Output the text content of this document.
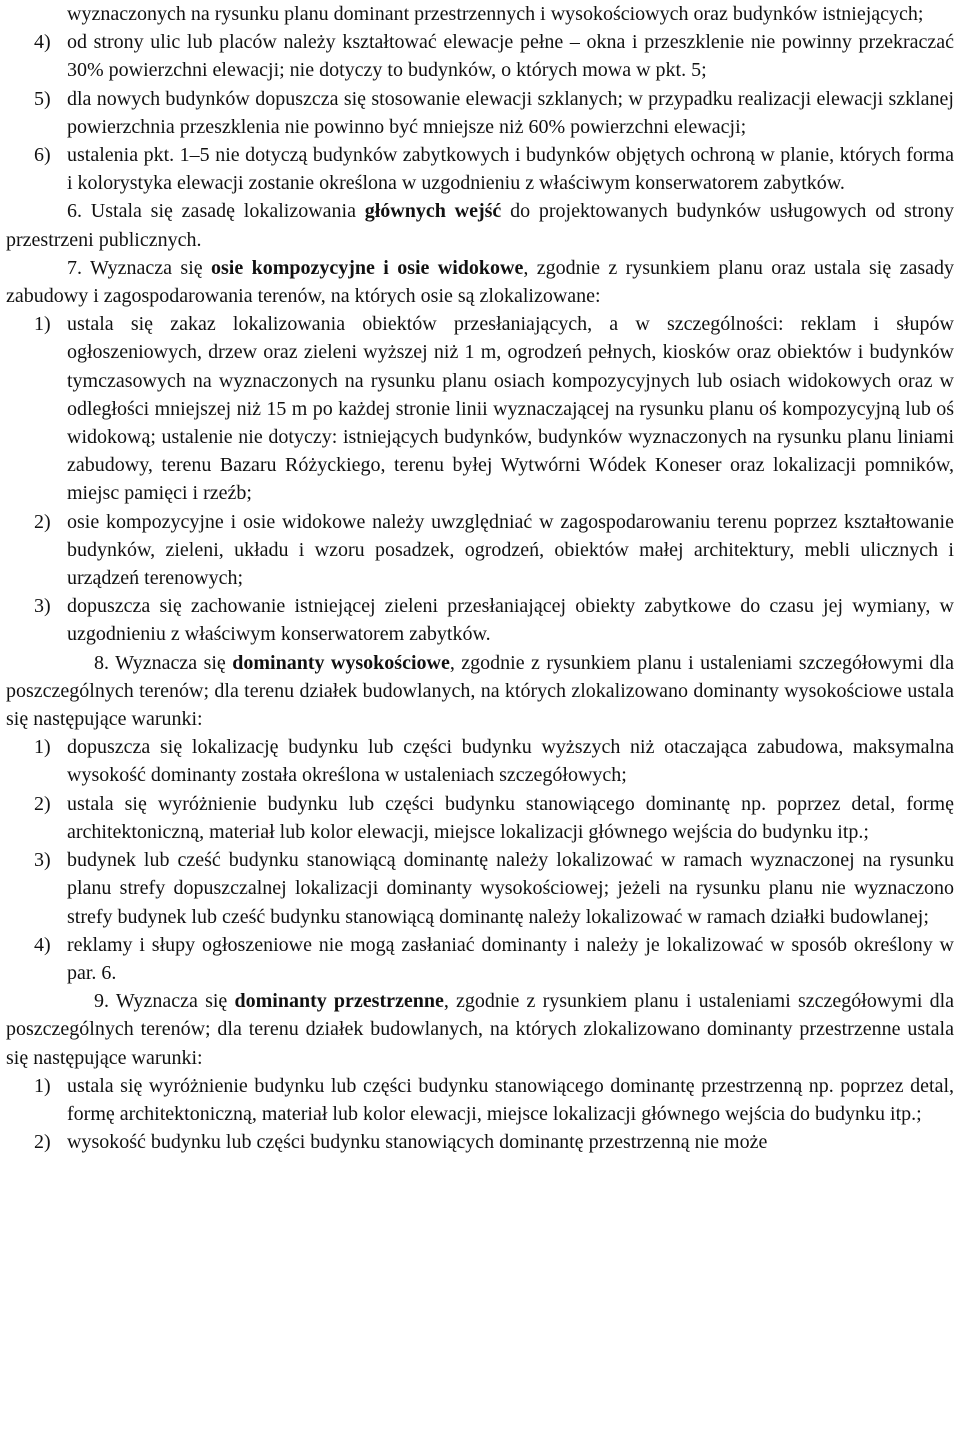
wyznaczonych na rysunku planu dominant przestrzennych i wysokościowych oraz budynków istniejących;

4) od strony ulic lub placów należy kształtować elewacje pełne – okna i przeszklenie nie powinny przekraczać 30% powierzchni elewacji; nie dotyczy to budynków, o których mowa w pkt. 5;
5) dla nowych budynków dopuszcza się stosowanie elewacji szklanych; w przypadku realizacji elewacji szklanej powierzchnia przeszklenia nie powinno być mniejsze niż 60% powierzchni elewacji;
6) ustalenia pkt. 1–5 nie dotyczą budynków zabytkowych i budynków objętych ochroną w planie, których forma i kolorystyka elewacji zostanie określona w uzgodnieniu z właściwym konserwatorem zabytków.

6. Ustala się zasadę lokalizowania głównych wejść do projektowanych budynków usługowych od strony przestrzeni publicznych.

7. Wyznacza się osie kompozycyjne i osie widokowe, zgodnie z rysunkiem planu oraz ustala się zasady zabudowy i zagospodarowania terenów, na których osie są zlokalizowane:

1) ustala się zakaz lokalizowania obiektów przesłaniających, a w szczególności: reklam i słupów ogłoszeniowych, drzew oraz zieleni wyższej niż 1 m, ogrodzeń pełnych, kiosków oraz obiektów i budynków tymczasowych na wyznaczonych na rysunku planu osiach kompozycyjnych lub osiach widokowych oraz w odległości mniejszej niż 15 m po każdej stronie linii wyznaczającej na rysunku planu oś kompozycyjną lub oś widokową; ustalenie nie dotyczy: istniejących budynków, budynków wyznaczonych na rysunku planu liniami zabudowy, terenu Bazaru Różyckiego, terenu byłej Wytwórni Wódek Koneser oraz lokalizacji pomników, miejsc pamięci i rzeźb;
2) osie kompozycyjne i osie widokowe należy uwzględniać w zagospodarowaniu terenu poprzez kształtowanie budynków, zieleni, układu i wzoru posadzek, ogrodzeń, obiektów małej architektury, mebli ulicznych i urządzeń terenowych;
3) dopuszcza się zachowanie istniejącej zieleni przesłaniającej obiekty zabytkowe do czasu jej wymiany, w uzgodnieniu z właściwym konserwatorem zabytków.

8. Wyznacza się dominanty wysokościowe, zgodnie z rysunkiem planu i ustaleniami szczegółowymi dla poszczególnych terenów; dla terenu działek budowlanych, na których zlokalizowano dominanty wysokościowe ustala się następujące warunki:

1) dopuszcza się lokalizację budynku lub części budynku wyższych niż otaczająca zabudowa, maksymalna wysokość dominanty została określona w ustaleniach szczegółowych;
2) ustala się wyróżnienie budynku lub części budynku stanowiącego dominantę np. poprzez detal, formę architektoniczną, materiał lub kolor elewacji, miejsce lokalizacji głównego wejścia do budynku itp.;
3) budynek lub cześć budynku stanowiącą dominantę należy lokalizować w ramach wyznaczonej na rysunku planu strefy dopuszczalnej lokalizacji dominanty wysokościowej; jeżeli na rysunku planu nie wyznaczono strefy budynek lub cześć budynku stanowiącą dominantę należy lokalizować w ramach działki budowlanej;
4) reklamy i słupy ogłoszeniowe nie mogą zasłaniać dominanty i należy je lokalizować w sposób określony w par. 6.

9. Wyznacza się dominanty przestrzenne, zgodnie z rysunkiem planu i ustaleniami szczegółowymi dla poszczególnych terenów; dla terenu działek budowlanych, na których zlokalizowano dominanty przestrzenne ustala się następujące warunki:

1) ustala się wyróżnienie budynku lub części budynku stanowiącego dominantę przestrzenną np. poprzez detal, formę architektoniczną, materiał lub kolor elewacji, miejsce lokalizacji głównego wejścia do budynku itp.;
2) wysokość budynku lub części budynku stanowiących dominantę przestrzenną nie może
